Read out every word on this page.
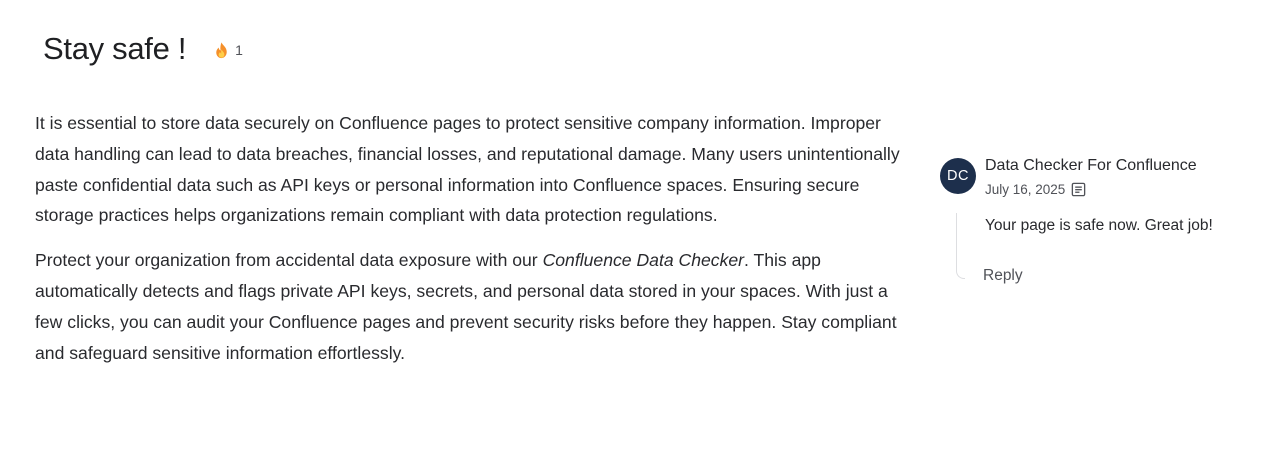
Stay safe !	1

It is essential to store data securely on Confluence pages to protect sensitive company information. Improper data handling can lead to data breaches, financial losses, and reputational damage. Many users unintentionally paste confidential data such as API keys or personal information into Confluence spaces. Ensuring secure storage practices helps organizations remain compliant with data protection regulations.

Protect your organization from accidental data exposure with our Confluence Data Checker. This app automatically detects and flags private API keys, secrets, and personal data stored in your spaces. With just a few clicks, you can audit your Confluence pages and prevent security risks before they happen. Stay compliant and safeguard sensitive information effortlessly.

DC
Data Checker For Confluence
July 16, 2025
Your page is safe now. Great job!
Reply
